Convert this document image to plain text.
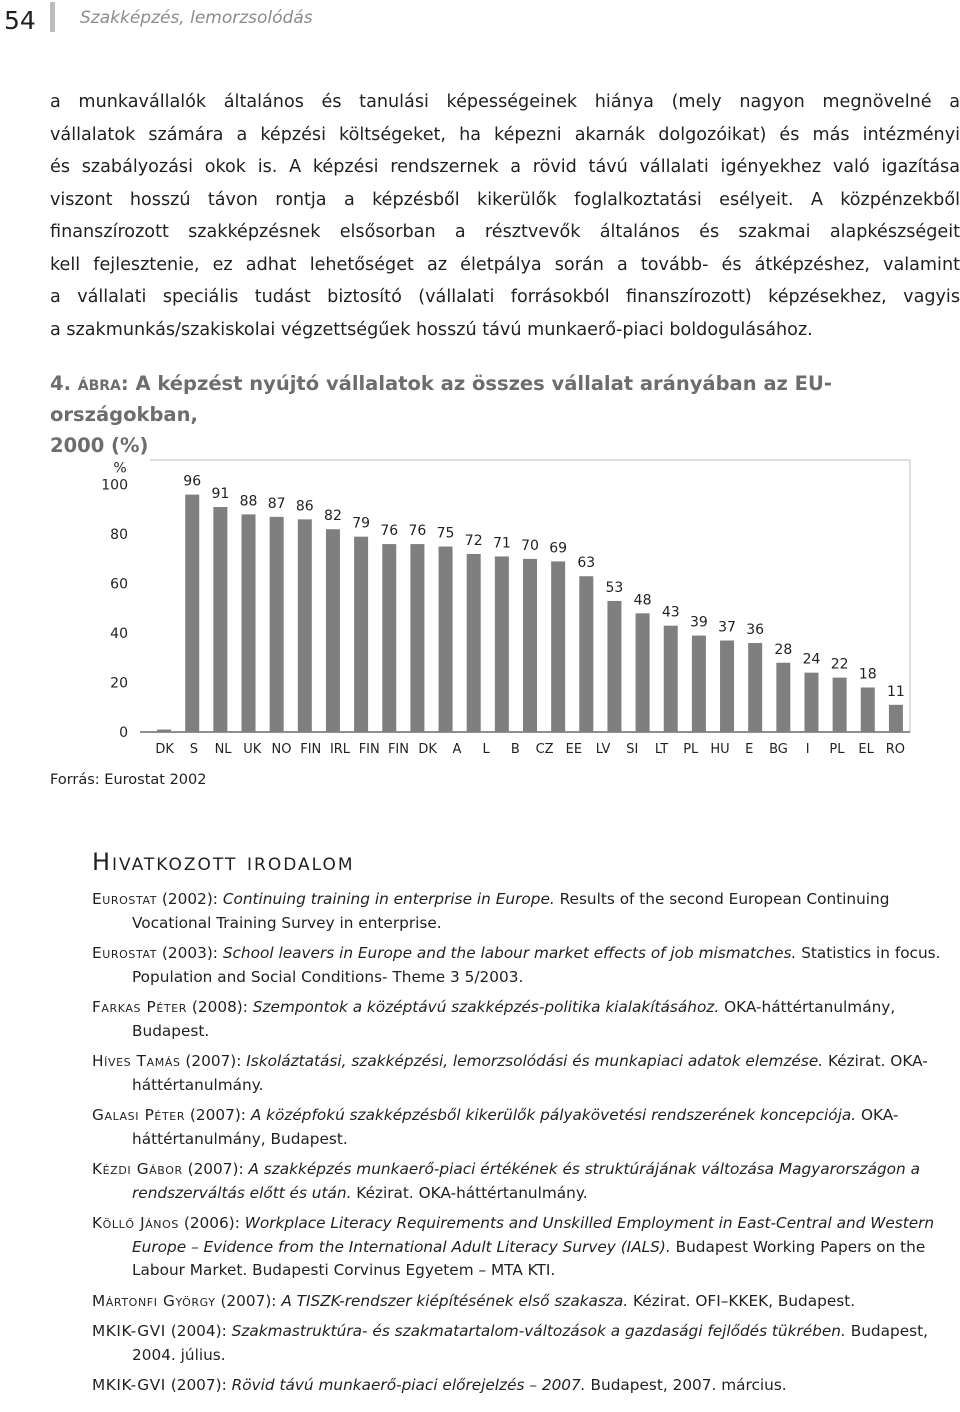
54	Szakképzés, lemorzsolódás
a munkavállalók általános és tanulási képességeinek hiánya (mely nagyon megnövelné a
vállalatok számára a képzési költségeket, ha képezni akarnák dolgozóikat) és más intézményi
és szabályozási okok is. A képzési rendszernek a rövid távú vállalati igényekhez való igazítása
viszont hosszú távon rontja a képzésből kikerülők foglalkoztatási esélyeit. A közpénzekből
finanszírozott szakképzésnek elsősorban a résztvevők általános és szakmai alapkészségeit
kell fejlesztenie, ez adhat lehetőséget az életpálya során a tovább- és átképzéshez, valamint
a vállalati speciális tudást biztosító (vállalati forrásokból finanszírozott) képzésekhez, vagyis
a szakmunkás/szakiskolai végzettségűek hosszú távú munkaerő-piaci boldogulásához.
4. ábra: A képzést nyújtó vállalatok az összes vállalat arányában az EU-országokban,
2000 (%)
0
20
40
60
80
100
%
96
91 88 87 86
82 79 76 76 75 72 71 70 69
63
53
48
43
39 37 36
28
24 22
18
11
DK S NL UK NO FIN IRL FIN FIN DK A L B CZ EE LV SI LT PL HU E BG I PL EL RO
Forrás: Eurostat 2002
Hivatkozott irodalom
Eurostat (2002): Continuing training in enterprise in Europe. Results of the second European Continuing Vocational Training Survey in enterprise.
Eurostat (2003): School leavers in Europe and the labour market effects of job mismatches. Statistics in focus. Population and Social Conditions- Theme 3 5/2003.
Farkas Péter (2008): Szempontok a középtávú szakképzés-politika kialakításához. OKA-háttértanulmány, Budapest.
Híves Tamás (2007): Iskoláztatási, szakképzési, lemorzsolódási és munkapiaci adatok elemzése. Kézirat. OKA-háttértanulmány.
Galasi Péter (2007): A középfokú szakképzésből kikerülők pályakövetési rendszerének koncepciója. OKA-háttértanulmány, Budapest.
Kézdi Gábor (2007): A szakképzés munkaerő-piaci értékének és struktúrájának változása Magyarországon a rendszerváltás előtt és után. Kézirat. OKA-háttértanulmány.
Köllő János (2006): Workplace Literacy Requirements and Unskilled Employment in East-Central and Western Europe – Evidence from the International Adult Literacy Survey (IALS). Budapest Working Papers on the Labour Market. Budapesti Corvinus Egyetem – MTA KTI.
Mártonfi György (2007): A TISZK-rendszer kiépítésének első szakasza. Kézirat. OFI–KKEK, Budapest.
MKIK-GVI (2004): Szakmastruktúra- és szakmatartalom-változások a gazdasági fejlődés tükrében. Budapest, 2004. július.
MKIK-GVI (2007): Rövid távú munkaerő-piaci előrejelzés – 2007. Budapest, 2007. március.
